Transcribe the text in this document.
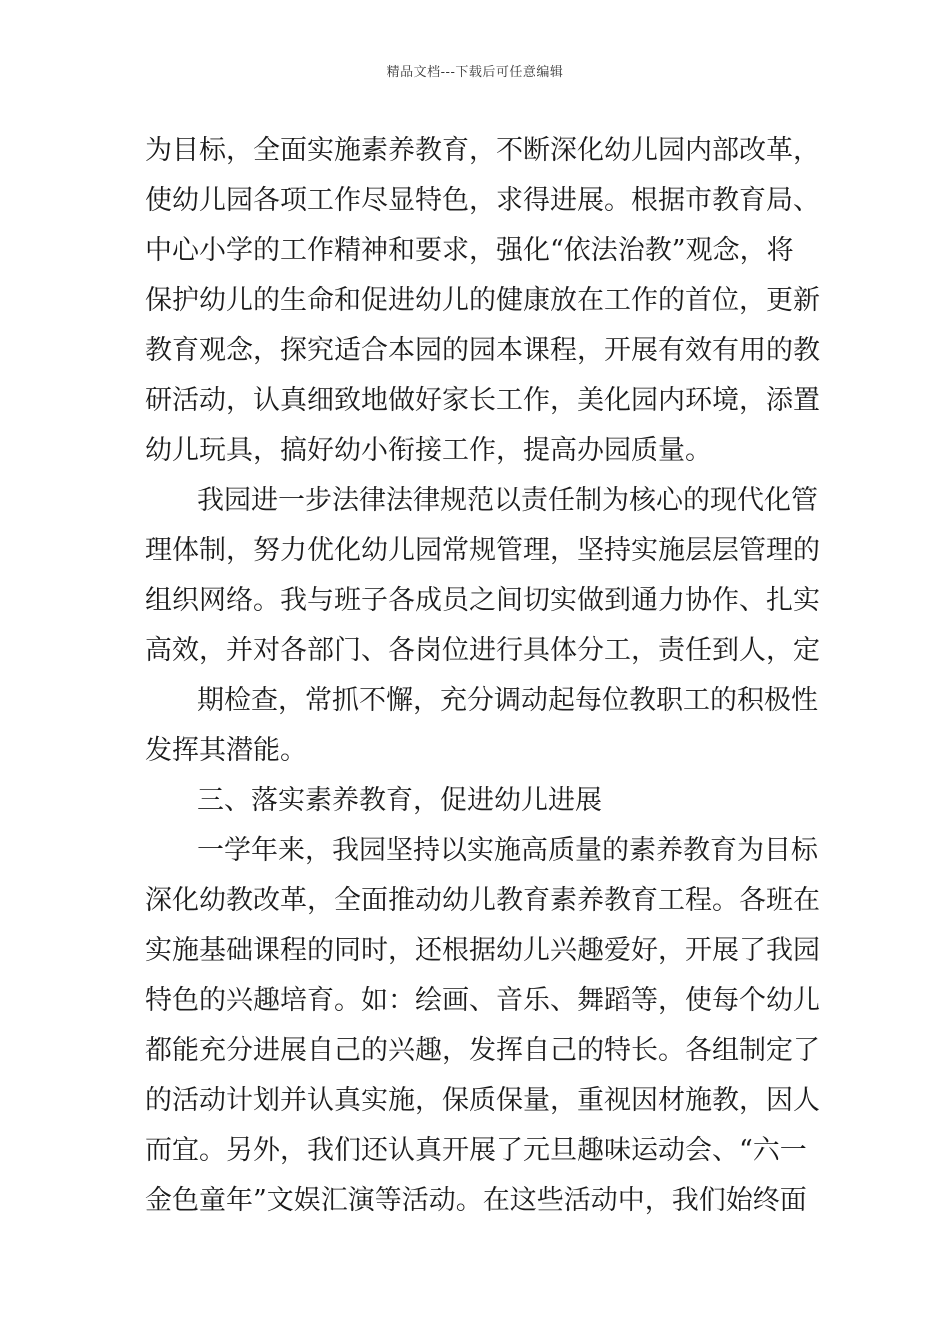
精品文档---下载后可任意编辑
为目标，全面实施素养教育，不断深化幼儿园内部改革，
使幼儿园各项工作尽显特色，求得进展。根据市教育局、
中心小学的工作精神和要求，强化“依法治教”观念，将
保护幼儿的生命和促进幼儿的健康放在工作的首位，更新
教育观念，探究适合本园的园本课程，开展有效有用的教
研活动，认真细致地做好家长工作，美化园内环境，添置
幼儿玩具，搞好幼小衔接工作，提高办园质量。
我园进一步法律法律规范以责任制为核心的现代化管
理体制，努力优化幼儿园常规管理，坚持实施层层管理的
组织网络。我与班子各成员之间切实做到通力协作、扎实
高效，并对各部门、各岗位进行具体分工，责任到人，定
期检查，常抓不懈，充分调动起每位教职工的积极性
发挥其潜能。
三、落实素养教育，促进幼儿进展
一学年来，我园坚持以实施高质量的素养教育为目标
深化幼教改革，全面推动幼儿教育素养教育工程。各班在
实施基础课程的同时，还根据幼儿兴趣爱好，开展了我园
特色的兴趣培育。如：绘画、音乐、舞蹈等，使每个幼儿
都能充分进展自己的兴趣，发挥自己的特长。各组制定了
的活动计划并认真实施，保质保量，重视因材施教，因人
而宜。另外，我们还认真开展了元旦趣味运动会、“六一
金色童年”文娱汇演等活动。在这些活动中，我们始终面
